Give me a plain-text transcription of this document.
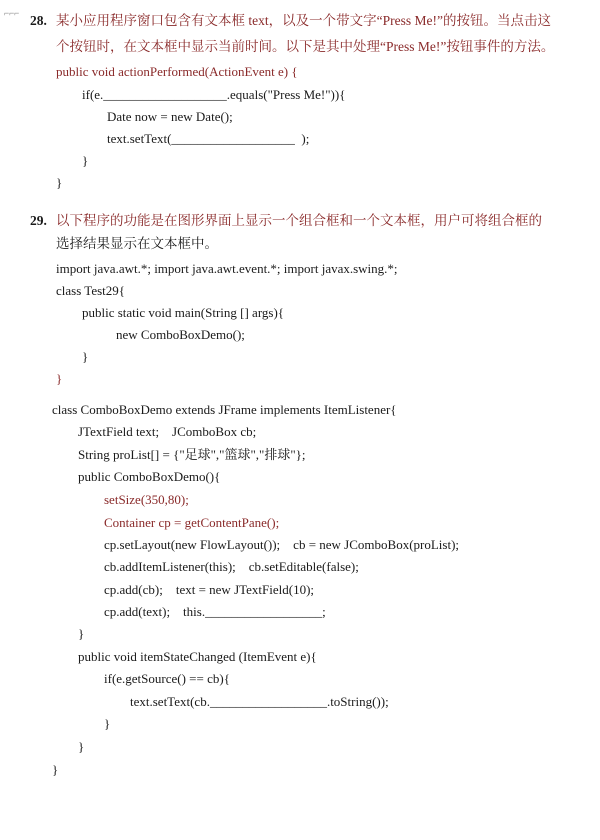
⌐⌐⌐ 28. 某小应用程序窗口包含有文本框 text，以及一个带文字“Press Me!”的按钮。当点击这
个按钮时，在文本框中显示当前时间。以下是其中处理“Press Me!”按钮事件的方法。
public void actionPerformed(ActionEvent e) {
if(e.___________________.equals("Press Me!")){
Date now = new Date();
text.setText(___________________  );
}
}
29. 以下程序的功能是在图形界面上显示一个组合框和一个文本框，用户可将组合框的
选择结果显示在文本框中。
import java.awt.*; import java.awt.event.*; import javax.swing.*;
class Test29{
public static void main(String [] args){
new ComboBoxDemo();
}
}
class ComboBoxDemo extends JFrame implements ItemListener{
JTextField text;    JComboBox cb;
String proList[] = {"足球","篮球","排球"};
public ComboBoxDemo(){
setSize(350,80);
Container cp = getContentPane();
cp.setLayout(new FlowLayout());    cb = new JComboBox(proList);
cb.addItemListener(this);    cb.setEditable(false);
cp.add(cb);    text = new JTextField(10);
cp.add(text);    this.__________________;
}
public void itemStateChanged (ItemEvent e){
if(e.getSource() == cb){
text.setText(cb.__________________.toString());
}
}
}
